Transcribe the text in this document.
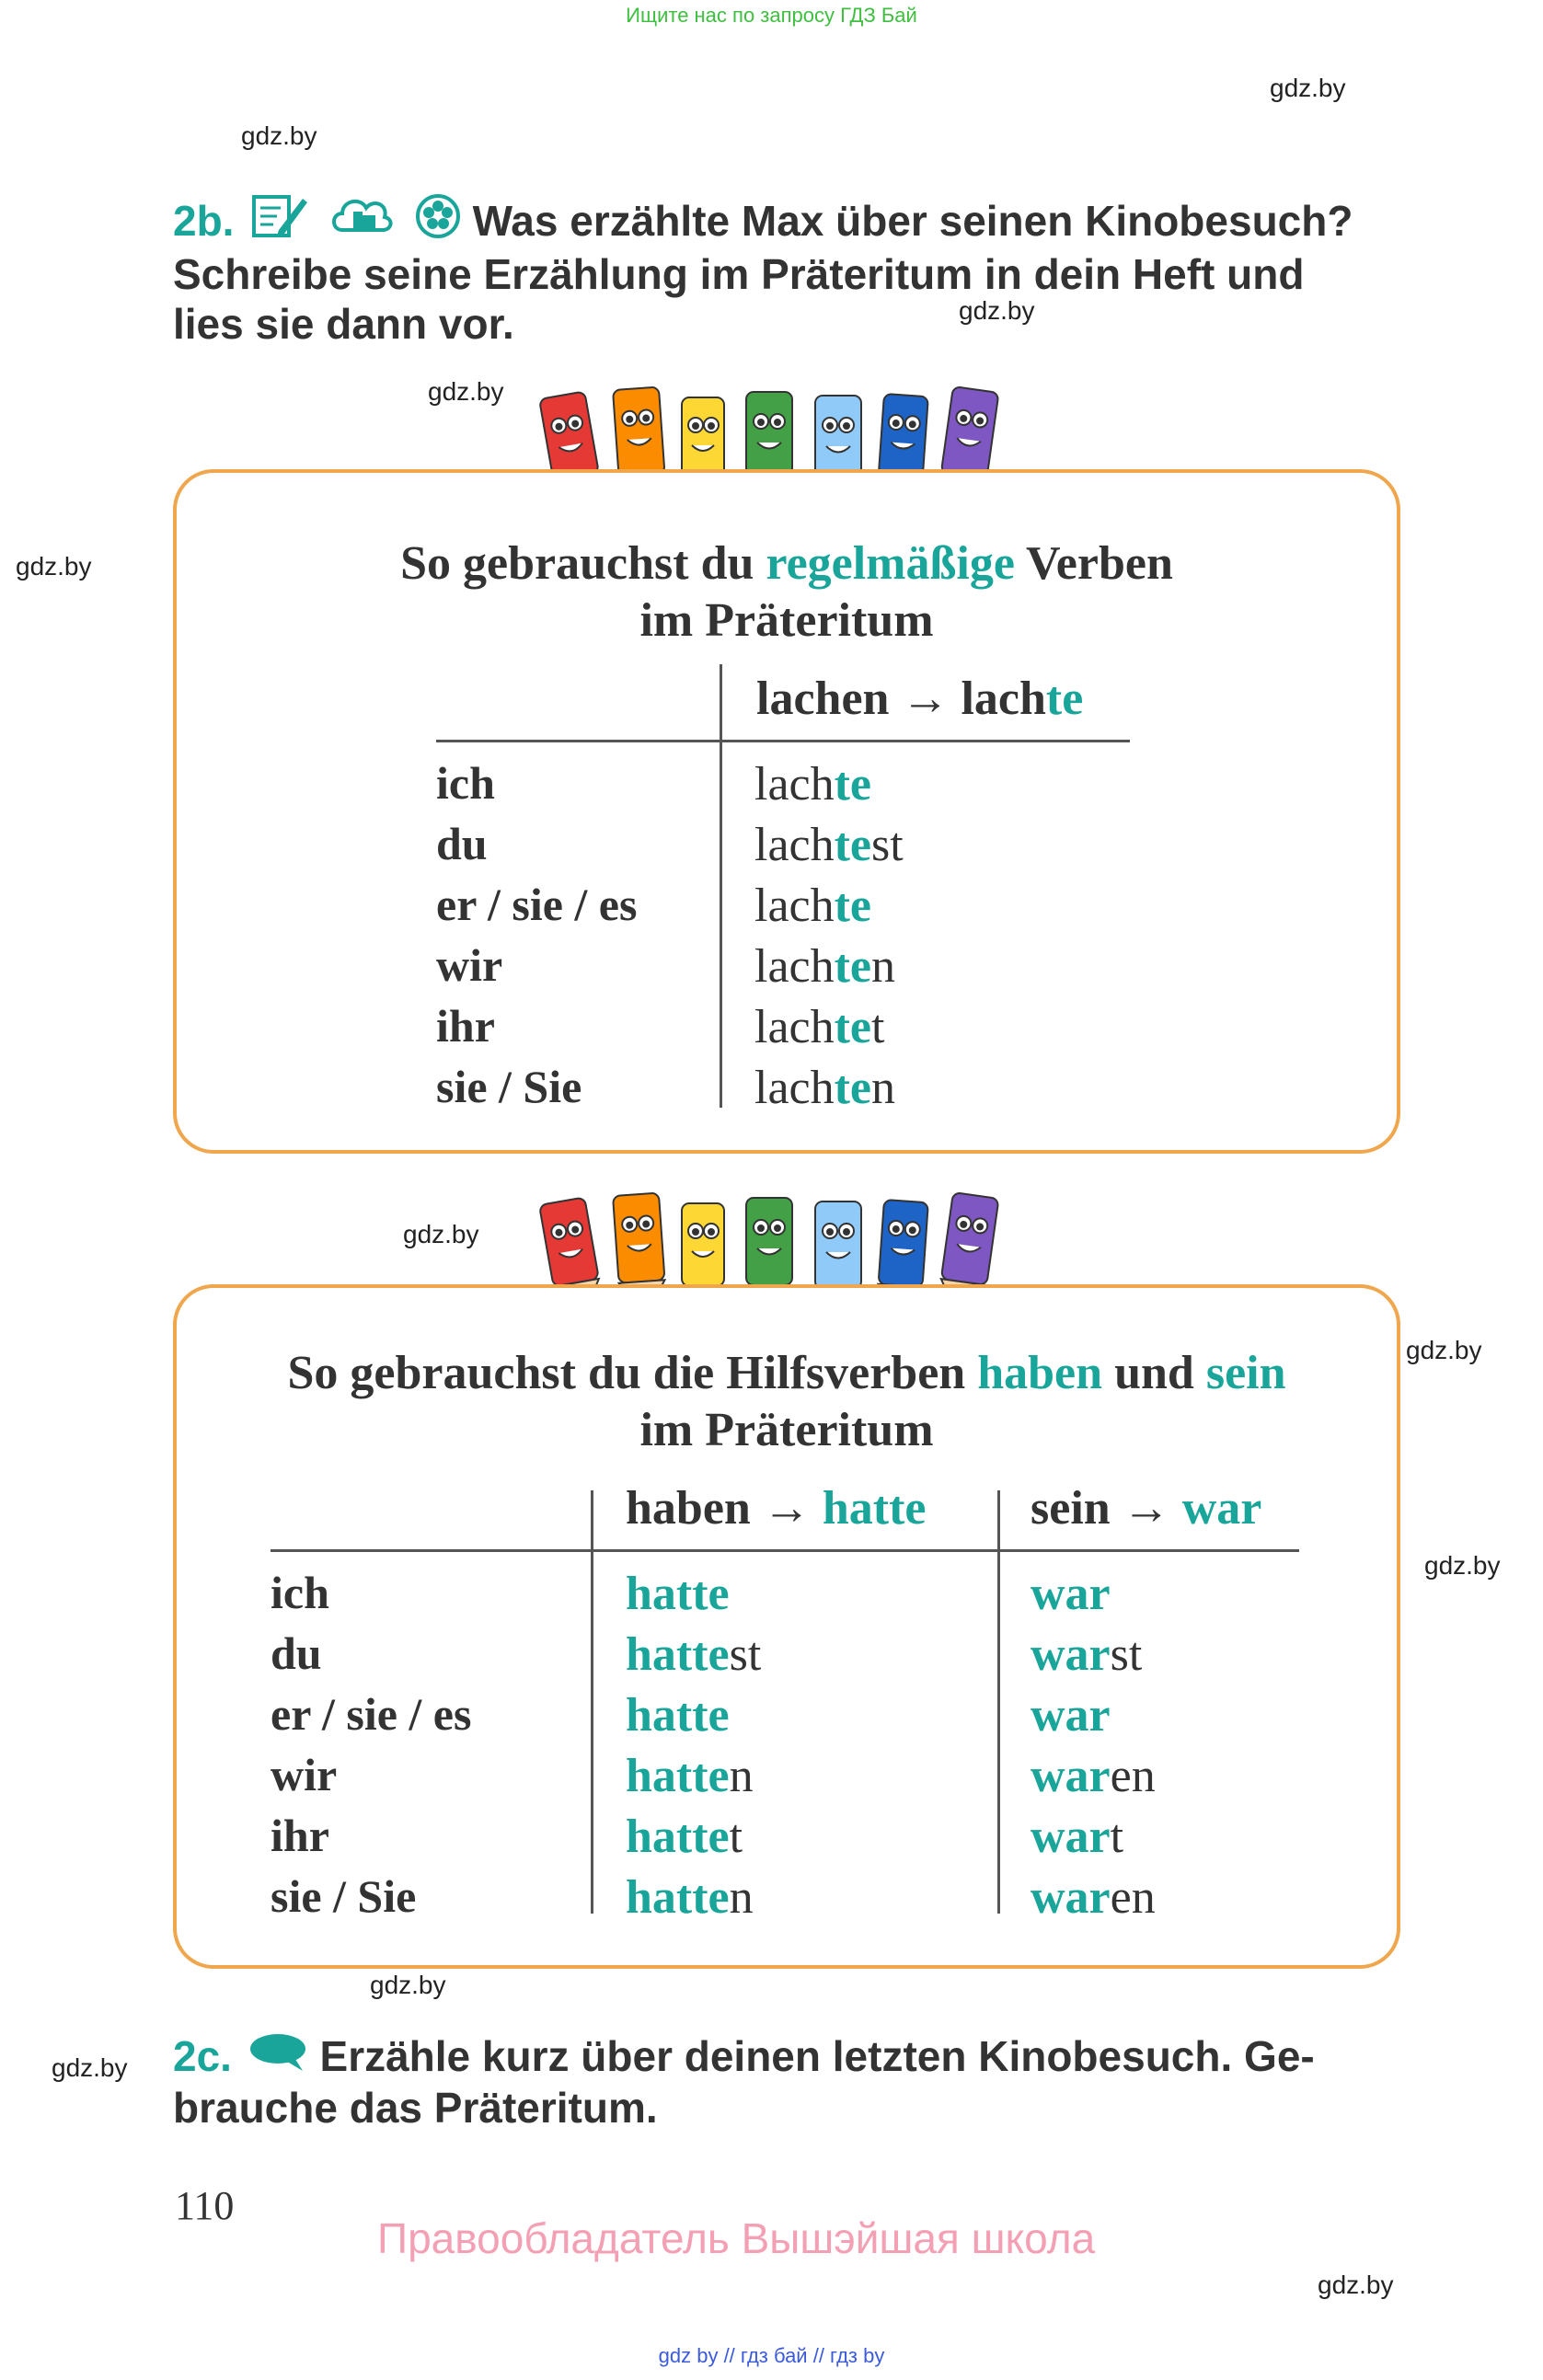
Ищите нас по запросу ГДЗ Бай
gdz.by
gdz.by
gdz.by
gdz.by
gdz.by
gdz.by
gdz.by
gdz.by
gdz.by
gdz.by
gdz.by
2b.	Was erzählte Max über seinen Kinobesuch?
Schreibe seine Erzählung im Präteritum in dein Heft und
lies sie dann vor.
So gebrauchst du regelmäßige Verben
im Präteritum
lachen → lachte
ich
du
er / sie / es
wir
ihr
sie / Sie
lachte
lachtest
lachte
lachten
lachtet
lachten
So gebrauchst du die Hilfsverben haben und sein
im Präteritum
haben → hatte sein → war
ich
du
er / sie / es
wir
ihr
sie / Sie
hatte
hattest
hatte
hatten
hattet
hatten
war
warst
war
waren
wart
waren
2c. Erzähle kurz über deinen letzten Kinobesuch. Ge-
brauche das Präteritum.
110
Правообладатель Вышэйшая школа
gdz by // гдз бай // гдз by
